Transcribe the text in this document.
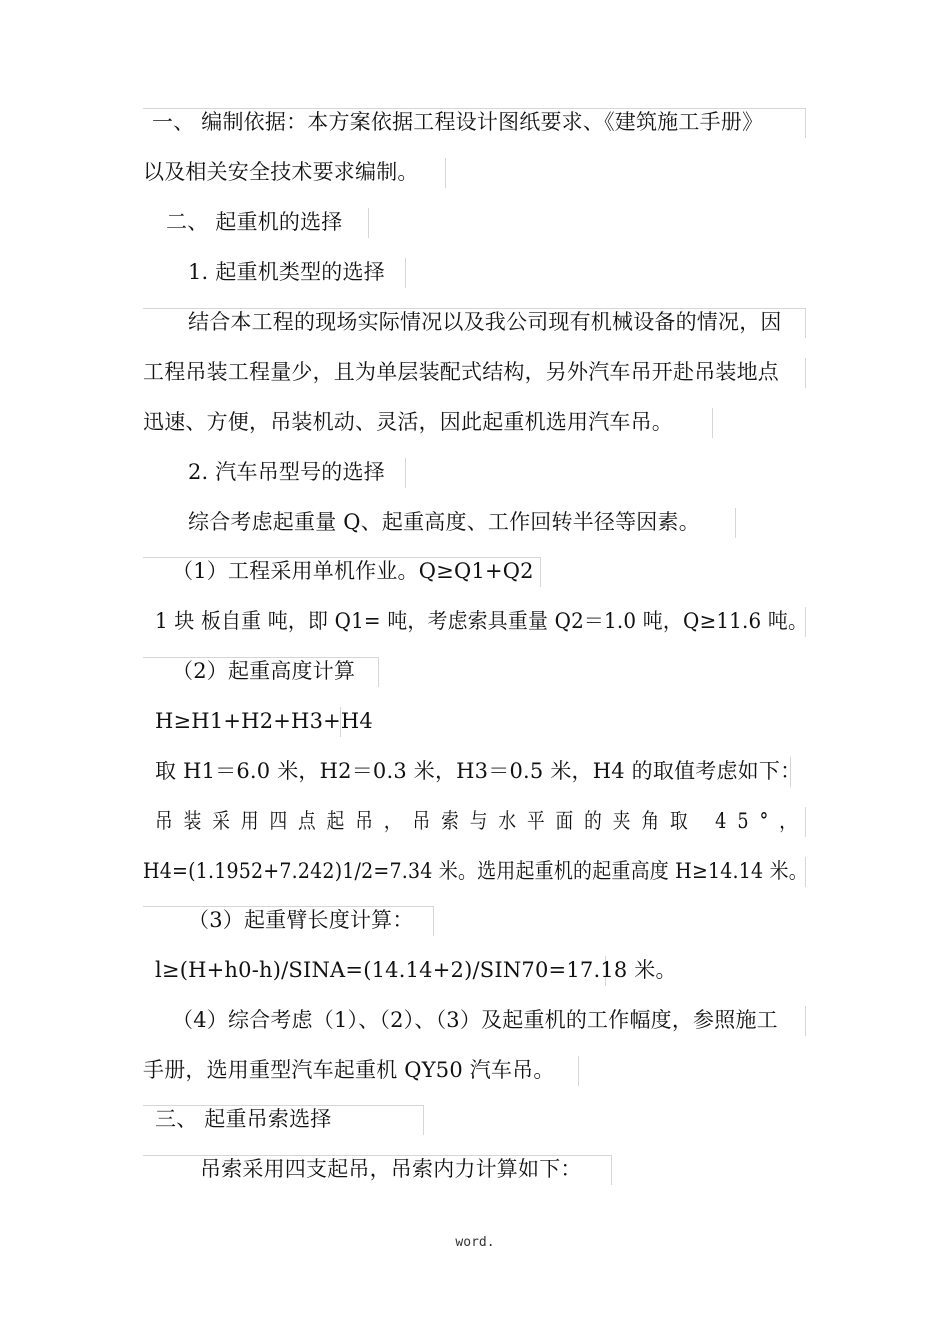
一、 编制依据：本方案依据工程设计图纸要求、《建筑施工手册》
以及相关安全技术要求编制。
二、 起重机的选择
1. 起重机类型的选择
结合本工程的现场实际情况以及我公司现有机械设备的情况，因
工程吊装工程量少，且为单层装配式结构，另外汽车吊开赴吊装地点
迅速、方便，吊装机动、灵活，因此起重机选用汽车吊。
2. 汽车吊型号的选择
综合考虑起重量 Q、起重高度、工作回转半径等因素。
（1）工程采用单机作业。Q≥Q1+Q2
1 块 板自重 吨，即 Q1= 吨，考虑索具重量 Q2＝1.0 吨，Q≥11.6 吨。
（2）起重高度计算
H≥H1+H2+H3+H4
取 H1＝6.0 米，H2＝0.3 米，H3＝0.5 米，H4 的取值考虑如下：
吊装采用四点起吊，吊索与水平面的夹角取 45°，
H4=(1.1952+7.242)1/2=7.34 米。选用起重机的起重高度 H≥14.14 米。
（3）起重臂长度计算：
l≥(H+h0-h)/SINA=(14.14+2)/SIN70=17.18 米。
（4）综合考虑（1）、（2）、（3）及起重机的工作幅度，参照施工
手册，选用重型汽车起重机 QY50 汽车吊。
三、 起重吊索选择
吊索采用四支起吊，吊索内力计算如下：
word.
